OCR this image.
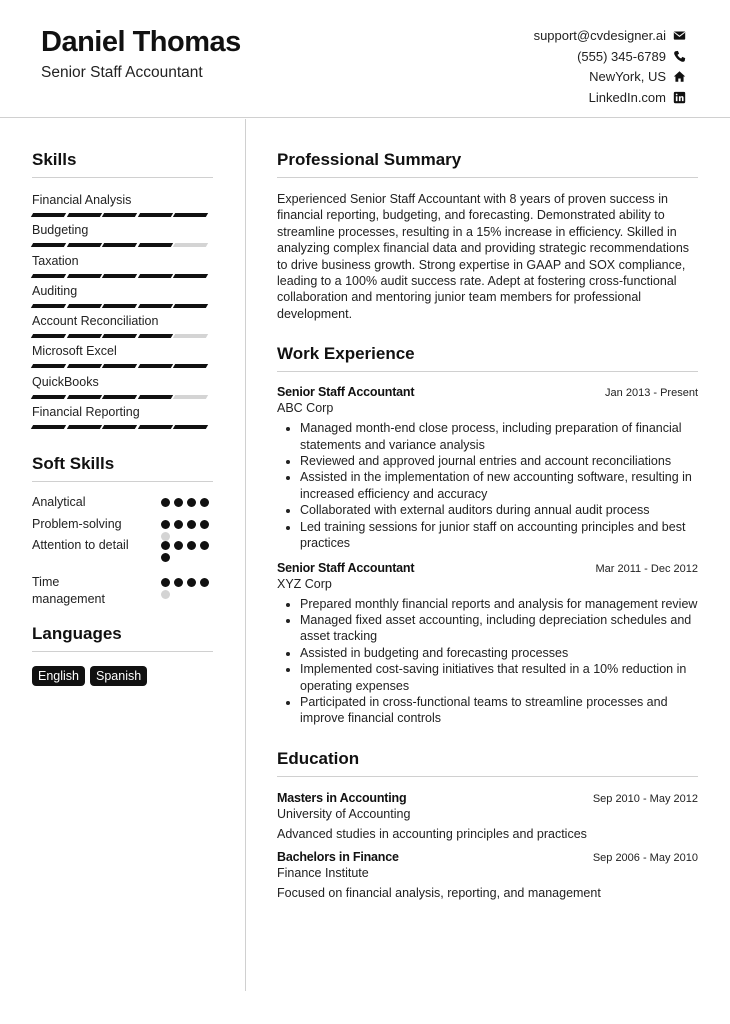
Daniel Thomas
Senior Staff Accountant
support@cvdesigner.ai
(555) 345-6789
NewYork, US
LinkedIn.com
Skills
Financial Analysis
Budgeting
Taxation
Auditing
Account Reconciliation
Microsoft Excel
QuickBooks
Financial Reporting
Soft Skills
Analytical
Problem-solving
Attention to detail
Time management
Languages
English	Spanish
Professional Summary

Experienced Senior Staff Accountant with 8 years of proven success in financial reporting, budgeting, and forecasting. Demonstrated ability to streamline processes, resulting in a 15% increase in efficiency. Skilled in analyzing complex financial data and providing strategic recommendations to drive business growth. Strong expertise in GAAP and SOX compliance, leading to a 100% audit success rate. Adept at fostering cross-functional collaboration and mentoring junior team members for professional development.

Work Experience
Senior Staff Accountant	Jan 2013 - Present
ABC Corp
• Managed month-end close process, including preparation of financial statements and variance analysis
• Reviewed and approved journal entries and account reconciliations
• Assisted in the implementation of new accounting software, resulting in increased efficiency and accuracy
• Collaborated with external auditors during annual audit process
• Led training sessions for junior staff on accounting principles and best practices
Senior Staff Accountant	Mar 2011 - Dec 2012
XYZ Corp
• Prepared monthly financial reports and analysis for management review
• Managed fixed asset accounting, including depreciation schedules and asset tracking
• Assisted in budgeting and forecasting processes
• Implemented cost-saving initiatives that resulted in a 10% reduction in operating expenses
• Participated in cross-functional teams to streamline processes and improve financial controls
Education
Masters in Accounting	Sep 2010 - May 2012
University of Accounting
Advanced studies in accounting principles and practices
Bachelors in Finance	Sep 2006 - May 2010
Finance Institute
Focused on financial analysis, reporting, and management
